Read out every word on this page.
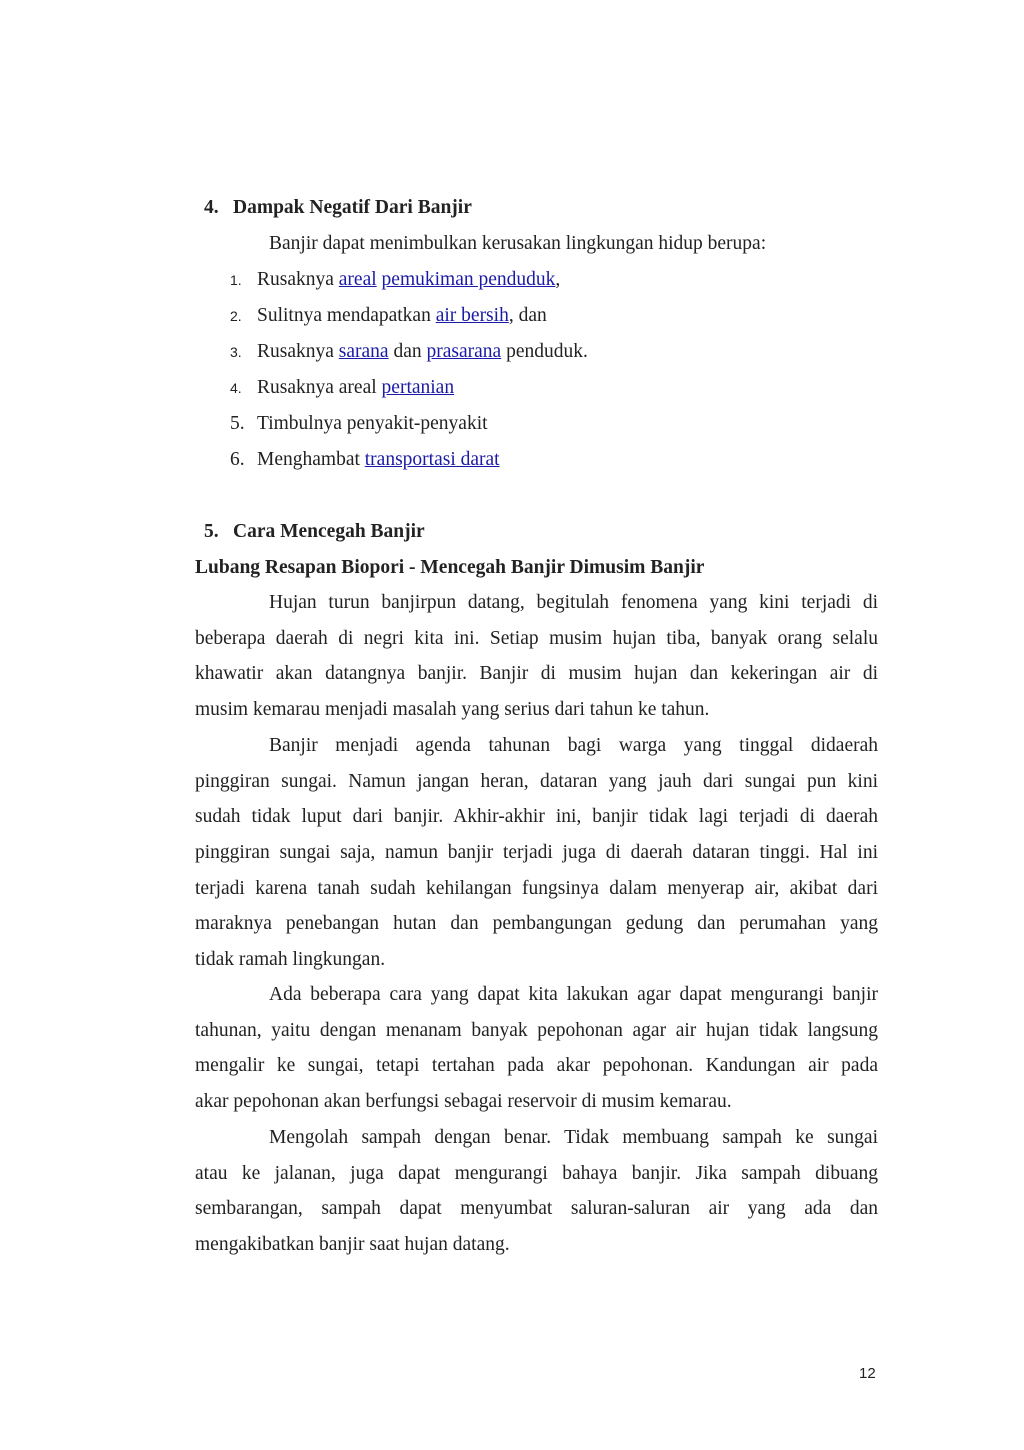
4. Dampak Negatif Dari Banjir
Banjir dapat menimbulkan kerusakan lingkungan hidup berupa:
1. Rusaknya areal pemukiman penduduk,
2. Sulitnya mendapatkan air bersih, dan
3. Rusaknya sarana dan prasarana penduduk.
4. Rusaknya areal pertanian
5. Timbulnya penyakit-penyakit
6. Menghambat transportasi darat
5. Cara Mencegah Banjir
Lubang Resapan Biopori - Mencegah Banjir Dimusim Banjir
Hujan turun banjirpun datang, begitulah fenomena yang kini terjadi di
beberapa daerah di negri kita ini. Setiap musim hujan tiba, banyak orang selalu
khawatir akan datangnya banjir. Banjir di musim hujan dan kekeringan air di
musim kemarau menjadi masalah yang serius dari tahun ke tahun.
Banjir menjadi agenda tahunan bagi warga yang tinggal didaerah
pinggiran sungai. Namun jangan heran, dataran yang jauh dari sungai pun kini
sudah tidak luput dari banjir. Akhir-akhir ini, banjir tidak lagi terjadi di daerah
pinggiran sungai saja, namun banjir terjadi juga di daerah dataran tinggi. Hal ini
terjadi karena tanah sudah kehilangan fungsinya dalam menyerap air, akibat dari
maraknya penebangan hutan dan pembangungan gedung dan perumahan yang
tidak ramah lingkungan.
Ada beberapa cara yang dapat kita lakukan agar dapat mengurangi banjir
tahunan, yaitu dengan menanam banyak pepohonan agar air hujan tidak langsung
mengalir ke sungai, tetapi tertahan pada akar pepohonan. Kandungan air pada
akar pepohonan akan berfungsi sebagai reservoir di musim kemarau.
Mengolah sampah dengan benar. Tidak membuang sampah ke sungai
atau ke jalanan, juga dapat mengurangi bahaya banjir. Jika sampah dibuang
sembarangan, sampah dapat menyumbat saluran-saluran air yang ada dan
mengakibatkan banjir saat hujan datang.
12
